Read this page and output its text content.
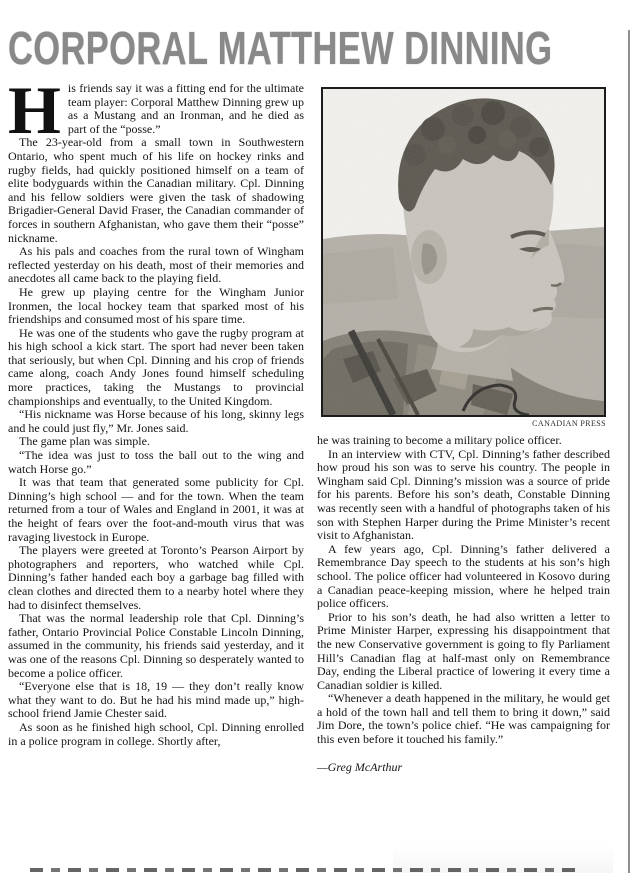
CORPORAL MATTHEW DINNING

His friends say it was a fitting end for the ultimate team player: Corporal Matthew Dinning grew up as a Mustang and an Ironman, and he died as part of the “posse.”

The 23-year-old from a small town in Southwestern Ontario, who spent much of his life on hockey rinks and rugby fields, had quickly positioned himself on a team of elite bodyguards within the Canadian military. Cpl. Dinning and his fellow soldiers were given the task of shadowing Brigadier-General David Fraser, the Canadian commander of forces in southern Afghanistan, who gave them their “posse” nickname.

As his pals and coaches from the rural town of Wingham reflected yesterday on his death, most of their memories and anecdotes all came back to the playing field.

He grew up playing centre for the Wingham Junior Ironmen, the local hockey team that sparked most of his friendships and consumed most of his spare time.

He was one of the students who gave the rugby program at his high school a kick start. The sport had never been taken that seriously, but when Cpl. Dinning and his crop of friends came along, coach Andy Jones found himself scheduling more practices, taking the Mustangs to provincial championships and eventually, to the United Kingdom.

“His nickname was Horse because of his long, skinny legs and he could just fly,” Mr. Jones said.

The game plan was simple.

“The idea was just to toss the ball out to the wing and watch Horse go.”

It was that team that generated some publicity for Cpl. Dinning’s high school — and for the town. When the team returned from a tour of Wales and England in 2001, it was at the height of fears over the foot-and-mouth virus that was ravaging livestock in Europe.

The players were greeted at Toronto’s Pearson Airport by photographers and reporters, who watched while Cpl. Dinning’s father handed each boy a garbage bag filled with clean clothes and directed them to a nearby hotel where they had to disinfect themselves.

That was the normal leadership role that Cpl. Dinning’s father, Ontario Provincial Police Constable Lincoln Dinning, assumed in the community, his friends said yesterday, and it was one of the reasons Cpl. Dinning so desperately wanted to become a police officer.

“Everyone else that is 18, 19 — they don’t really know what they want to do. But he had his mind made up,” high-school friend Jamie Chester said.

As soon as he finished high school, Cpl. Dinning enrolled in a police program in college. Shortly after,

CANADIAN PRESS

he was training to become a military police officer.

In an interview with CTV, Cpl. Dinning’s father described how proud his son was to serve his country. The people in Wingham said Cpl. Dinning’s mission was a source of pride for his parents. Before his son’s death, Constable Dinning was recently seen with a handful of photographs taken of his son with Stephen Harper during the Prime Minister’s recent visit to Afghanistan.

A few years ago, Cpl. Dinning’s father delivered a Remembrance Day speech to the students at his son’s high school. The police officer had volunteered in Kosovo during a Canadian peace-keeping mission, where he helped train police officers.

Prior to his son’s death, he had also written a letter to Prime Minister Harper, expressing his disappointment that the new Conservative government is going to fly Parliament Hill’s Canadian flag at half-mast only on Remembrance Day, ending the Liberal practice of lowering it every time a Canadian soldier is killed.

“Whenever a death happened in the military, he would get a hold of the town hall and tell them to bring it down,” said Jim Dore, the town’s police chief. “He was campaigning for this even before it touched his family.”

—Greg McArthur
